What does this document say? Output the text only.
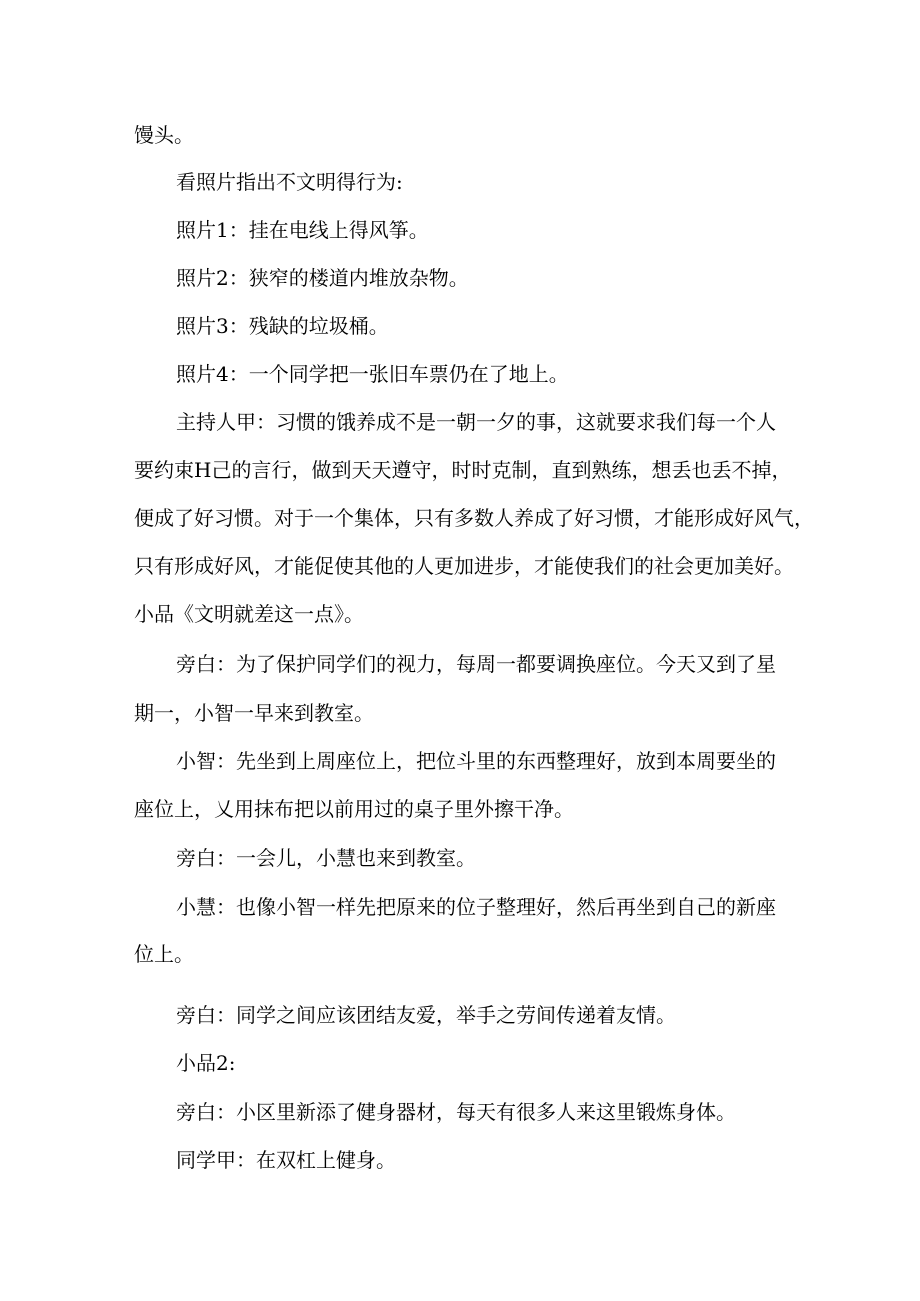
馒头。
看照片指出不文明得行为:
照片1：挂在电线上得风筝。
照片2：狭窄的楼道内堆放杂物。
照片3：残缺的垃圾桶。
照片4：一个同学把一张旧车票仍在了地上。
主持人甲：习惯的饿养成不是一朝一夕的事，这就要求我们每一个人
要约束H己的言行，做到天天遵守，时时克制，直到熟练，想丢也丢不掉，
便成了好习惯。对于一个集体，只有多数人养成了好习惯，才能形成好风气，
只有形成好风，才能促使其他的人更加进步，才能使我们的社会更加美好。
小品《文明就差这一点》。
旁白：为了保护同学们的视力，每周一都要调换座位。今天又到了星
期一，小智一早来到教室。
小智：先坐到上周座位上，把位斗里的东西整理好，放到本周要坐的
座位上，乂用抹布把以前用过的桌子里外擦干净。
旁白：一会儿，小慧也来到教室。
小慧：也像小智一样先把原来的位子整理好，然后再坐到自己的新座
位上。
旁白：同学之间应该团结友爱，举手之劳间传递着友情。
小品2:
旁白：小区里新添了健身器材，每天有很多人来这里锻炼身体。
同学甲：在双杠上健身。
